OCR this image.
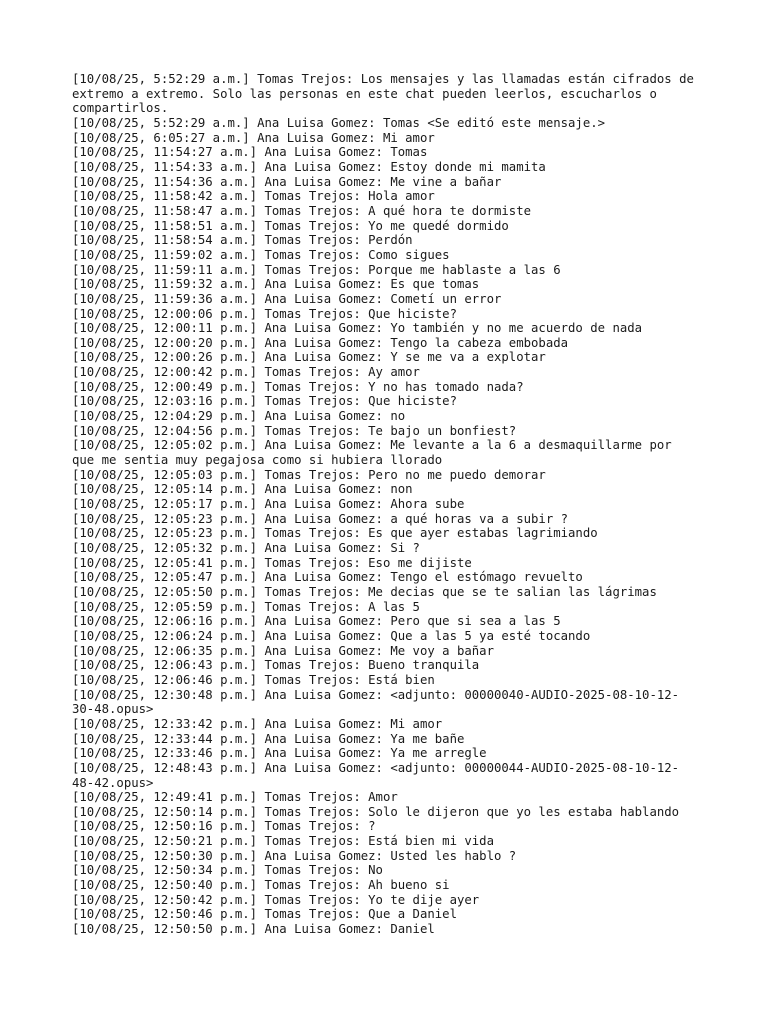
[10/08/25, 5:52:29 a.m.] Tomas Trejos: Los mensajes y las llamadas están cifrados de extremo a extremo. Solo las personas en este chat pueden leerlos, escucharlos o compartirlos.
[10/08/25, 5:52:29 a.m.] Ana Luisa Gomez: Tomas <Se editó este mensaje.>
[10/08/25, 6:05:27 a.m.] Ana Luisa Gomez: Mi amor
[10/08/25, 11:54:27 a.m.] Ana Luisa Gomez: Tomas
[10/08/25, 11:54:33 a.m.] Ana Luisa Gomez: Estoy donde mi mamita
[10/08/25, 11:54:36 a.m.] Ana Luisa Gomez: Me vine a bañar
[10/08/25, 11:58:42 a.m.] Tomas Trejos: Hola amor
[10/08/25, 11:58:47 a.m.] Tomas Trejos: A qué hora te dormiste
[10/08/25, 11:58:51 a.m.] Tomas Trejos: Yo me quedé dormido
[10/08/25, 11:58:54 a.m.] Tomas Trejos: Perdón
[10/08/25, 11:59:02 a.m.] Tomas Trejos: Como sigues
[10/08/25, 11:59:11 a.m.] Tomas Trejos: Porque me hablaste a las 6
[10/08/25, 11:59:32 a.m.] Ana Luisa Gomez: Es que tomas
[10/08/25, 11:59:36 a.m.] Ana Luisa Gomez: Cometí un error
[10/08/25, 12:00:06 p.m.] Tomas Trejos: Que hiciste?
[10/08/25, 12:00:11 p.m.] Ana Luisa Gomez: Yo también y no me acuerdo de nada
[10/08/25, 12:00:20 p.m.] Ana Luisa Gomez: Tengo la cabeza embobada
[10/08/25, 12:00:26 p.m.] Ana Luisa Gomez: Y se me va a explotar
[10/08/25, 12:00:42 p.m.] Tomas Trejos: Ay amor
[10/08/25, 12:00:49 p.m.] Tomas Trejos: Y no has tomado nada?
[10/08/25, 12:03:16 p.m.] Tomas Trejos: Que hiciste?
[10/08/25, 12:04:29 p.m.] Ana Luisa Gomez: no
[10/08/25, 12:04:56 p.m.] Tomas Trejos: Te bajo un bonfiest?
[10/08/25, 12:05:02 p.m.] Ana Luisa Gomez: Me levante a la 6 a desmaquillarme por que me sentia muy pegajosa como si hubiera llorado
[10/08/25, 12:05:03 p.m.] Tomas Trejos: Pero no me puedo demorar
[10/08/25, 12:05:14 p.m.] Ana Luisa Gomez: non
[10/08/25, 12:05:17 p.m.] Ana Luisa Gomez: Ahora sube
[10/08/25, 12:05:23 p.m.] Ana Luisa Gomez: a qué horas va a subir ?
[10/08/25, 12:05:23 p.m.] Tomas Trejos: Es que ayer estabas lagrimiando
[10/08/25, 12:05:32 p.m.] Ana Luisa Gomez: Si ?
[10/08/25, 12:05:41 p.m.] Tomas Trejos: Eso me dijiste
[10/08/25, 12:05:47 p.m.] Ana Luisa Gomez: Tengo el estómago revuelto
[10/08/25, 12:05:50 p.m.] Tomas Trejos: Me decias que se te salian las lágrimas
[10/08/25, 12:05:59 p.m.] Tomas Trejos: A las 5
[10/08/25, 12:06:16 p.m.] Ana Luisa Gomez: Pero que si sea a las 5
[10/08/25, 12:06:24 p.m.] Ana Luisa Gomez: Que a las 5 ya esté tocando
[10/08/25, 12:06:35 p.m.] Ana Luisa Gomez: Me voy a bañar
[10/08/25, 12:06:43 p.m.] Tomas Trejos: Bueno tranquila
[10/08/25, 12:06:46 p.m.] Tomas Trejos: Está bien
[10/08/25, 12:30:48 p.m.] Ana Luisa Gomez: <adjunto: 00000040-AUDIO-2025-08-10-12-30-48.opus>
[10/08/25, 12:33:42 p.m.] Ana Luisa Gomez: Mi amor
[10/08/25, 12:33:44 p.m.] Ana Luisa Gomez: Ya me bañe
[10/08/25, 12:33:46 p.m.] Ana Luisa Gomez: Ya me arregle
[10/08/25, 12:48:43 p.m.] Ana Luisa Gomez: <adjunto: 00000044-AUDIO-2025-08-10-12-48-42.opus>
[10/08/25, 12:49:41 p.m.] Tomas Trejos: Amor
[10/08/25, 12:50:14 p.m.] Tomas Trejos: Solo le dijeron que yo les estaba hablando
[10/08/25, 12:50:16 p.m.] Tomas Trejos: ?
[10/08/25, 12:50:21 p.m.] Tomas Trejos: Está bien mi vida
[10/08/25, 12:50:30 p.m.] Ana Luisa Gomez: Usted les hablo ?
[10/08/25, 12:50:34 p.m.] Tomas Trejos: No
[10/08/25, 12:50:40 p.m.] Tomas Trejos: Ah bueno si
[10/08/25, 12:50:42 p.m.] Tomas Trejos: Yo te dije ayer
[10/08/25, 12:50:46 p.m.] Tomas Trejos: Que a Daniel
[10/08/25, 12:50:50 p.m.] Ana Luisa Gomez: Daniel
